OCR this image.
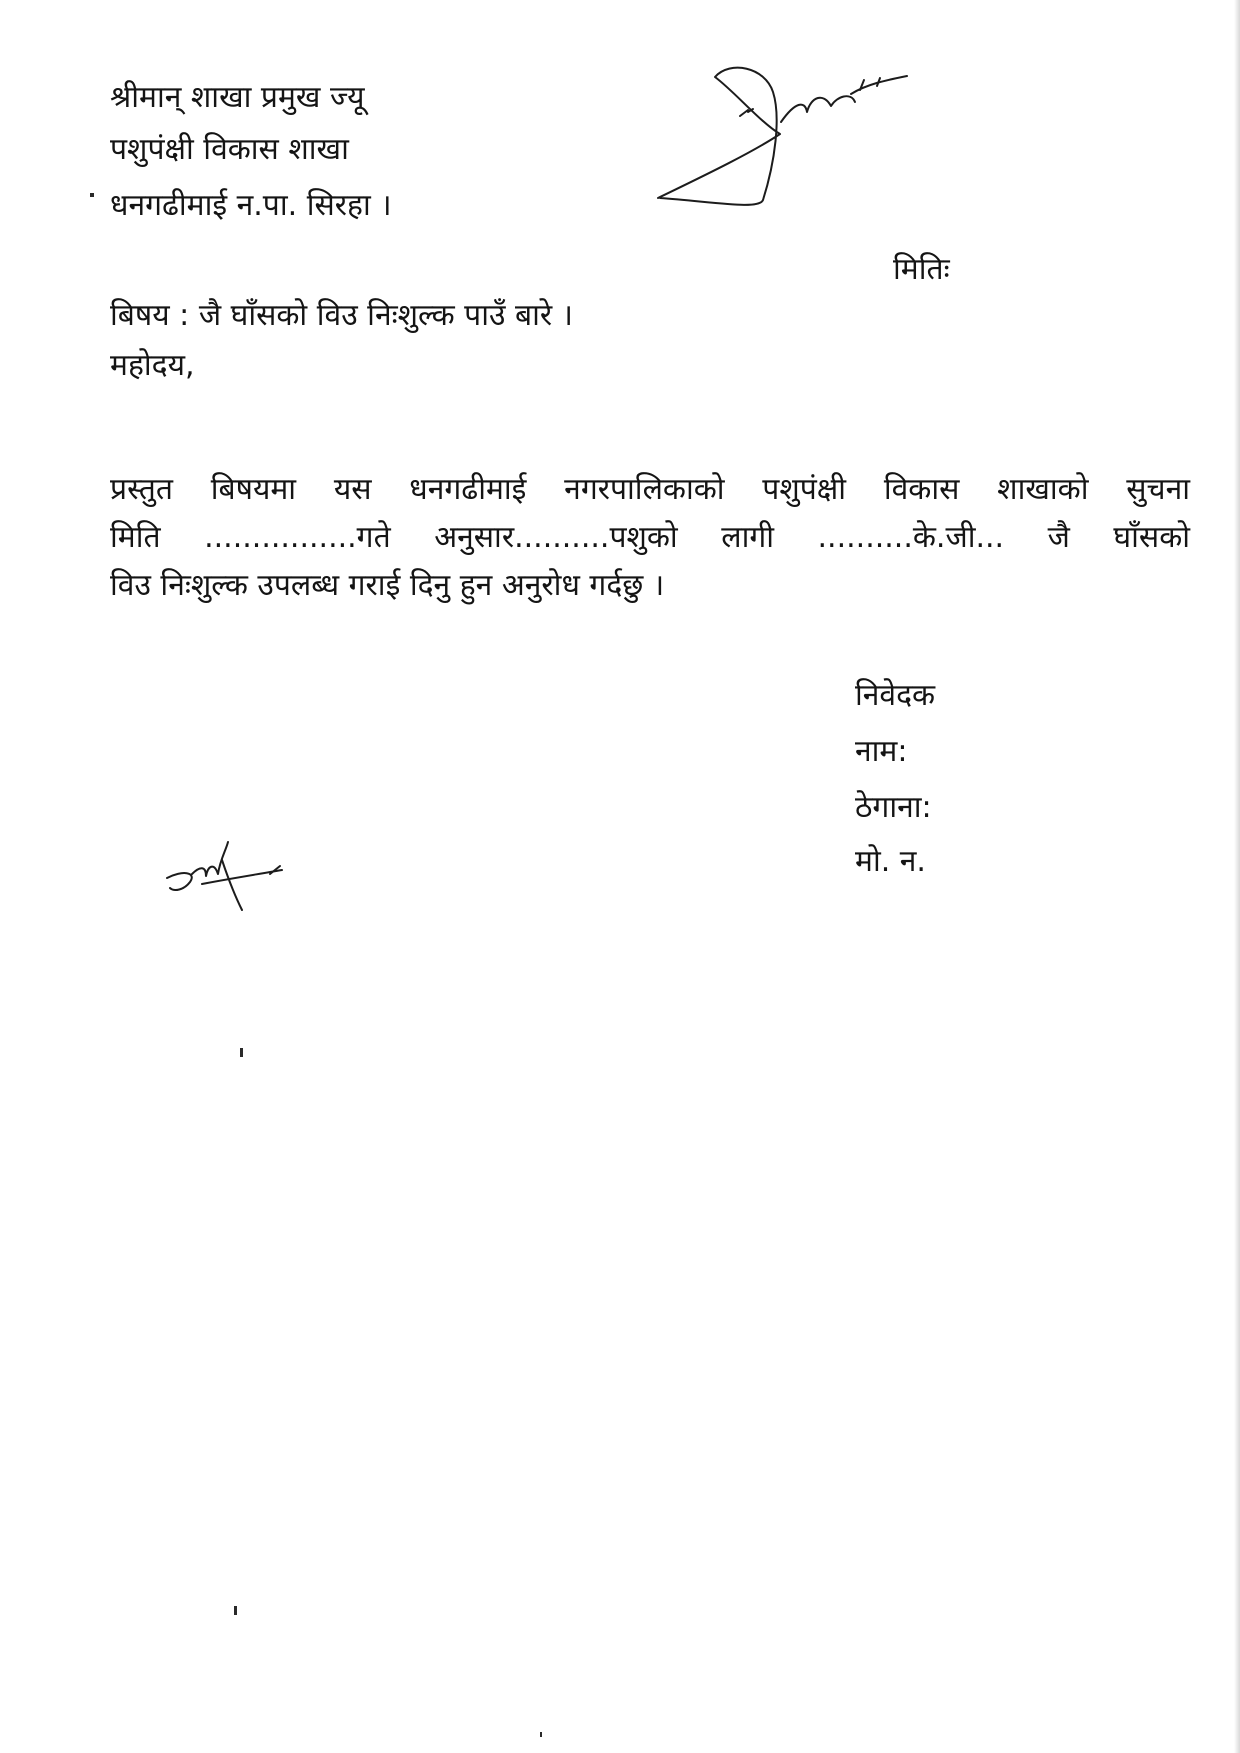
श्रीमान् शाखा प्रमुख ज्यू
पशुपंक्षी विकास शाखा
धनगढीमाई न.पा. सिरहा ।
मितिः
बिषय : जै घाँसको विउ निःशुल्क पाउँ बारे ।
महोदय,
प्रस्तुत बिषयमा यस धनगढीमाई नगरपालिकाको पशुपंक्षी विकास शाखाको सुचना
मिति ................गते अनुसार..........पशुको लागी ..........के.जी... जै घाँसको
विउ निःशुल्क उपलब्ध गराई दिनु हुन अनुरोध गर्दछु ।
निवेदक
नाम:
ठेगाना:
मो. न.
